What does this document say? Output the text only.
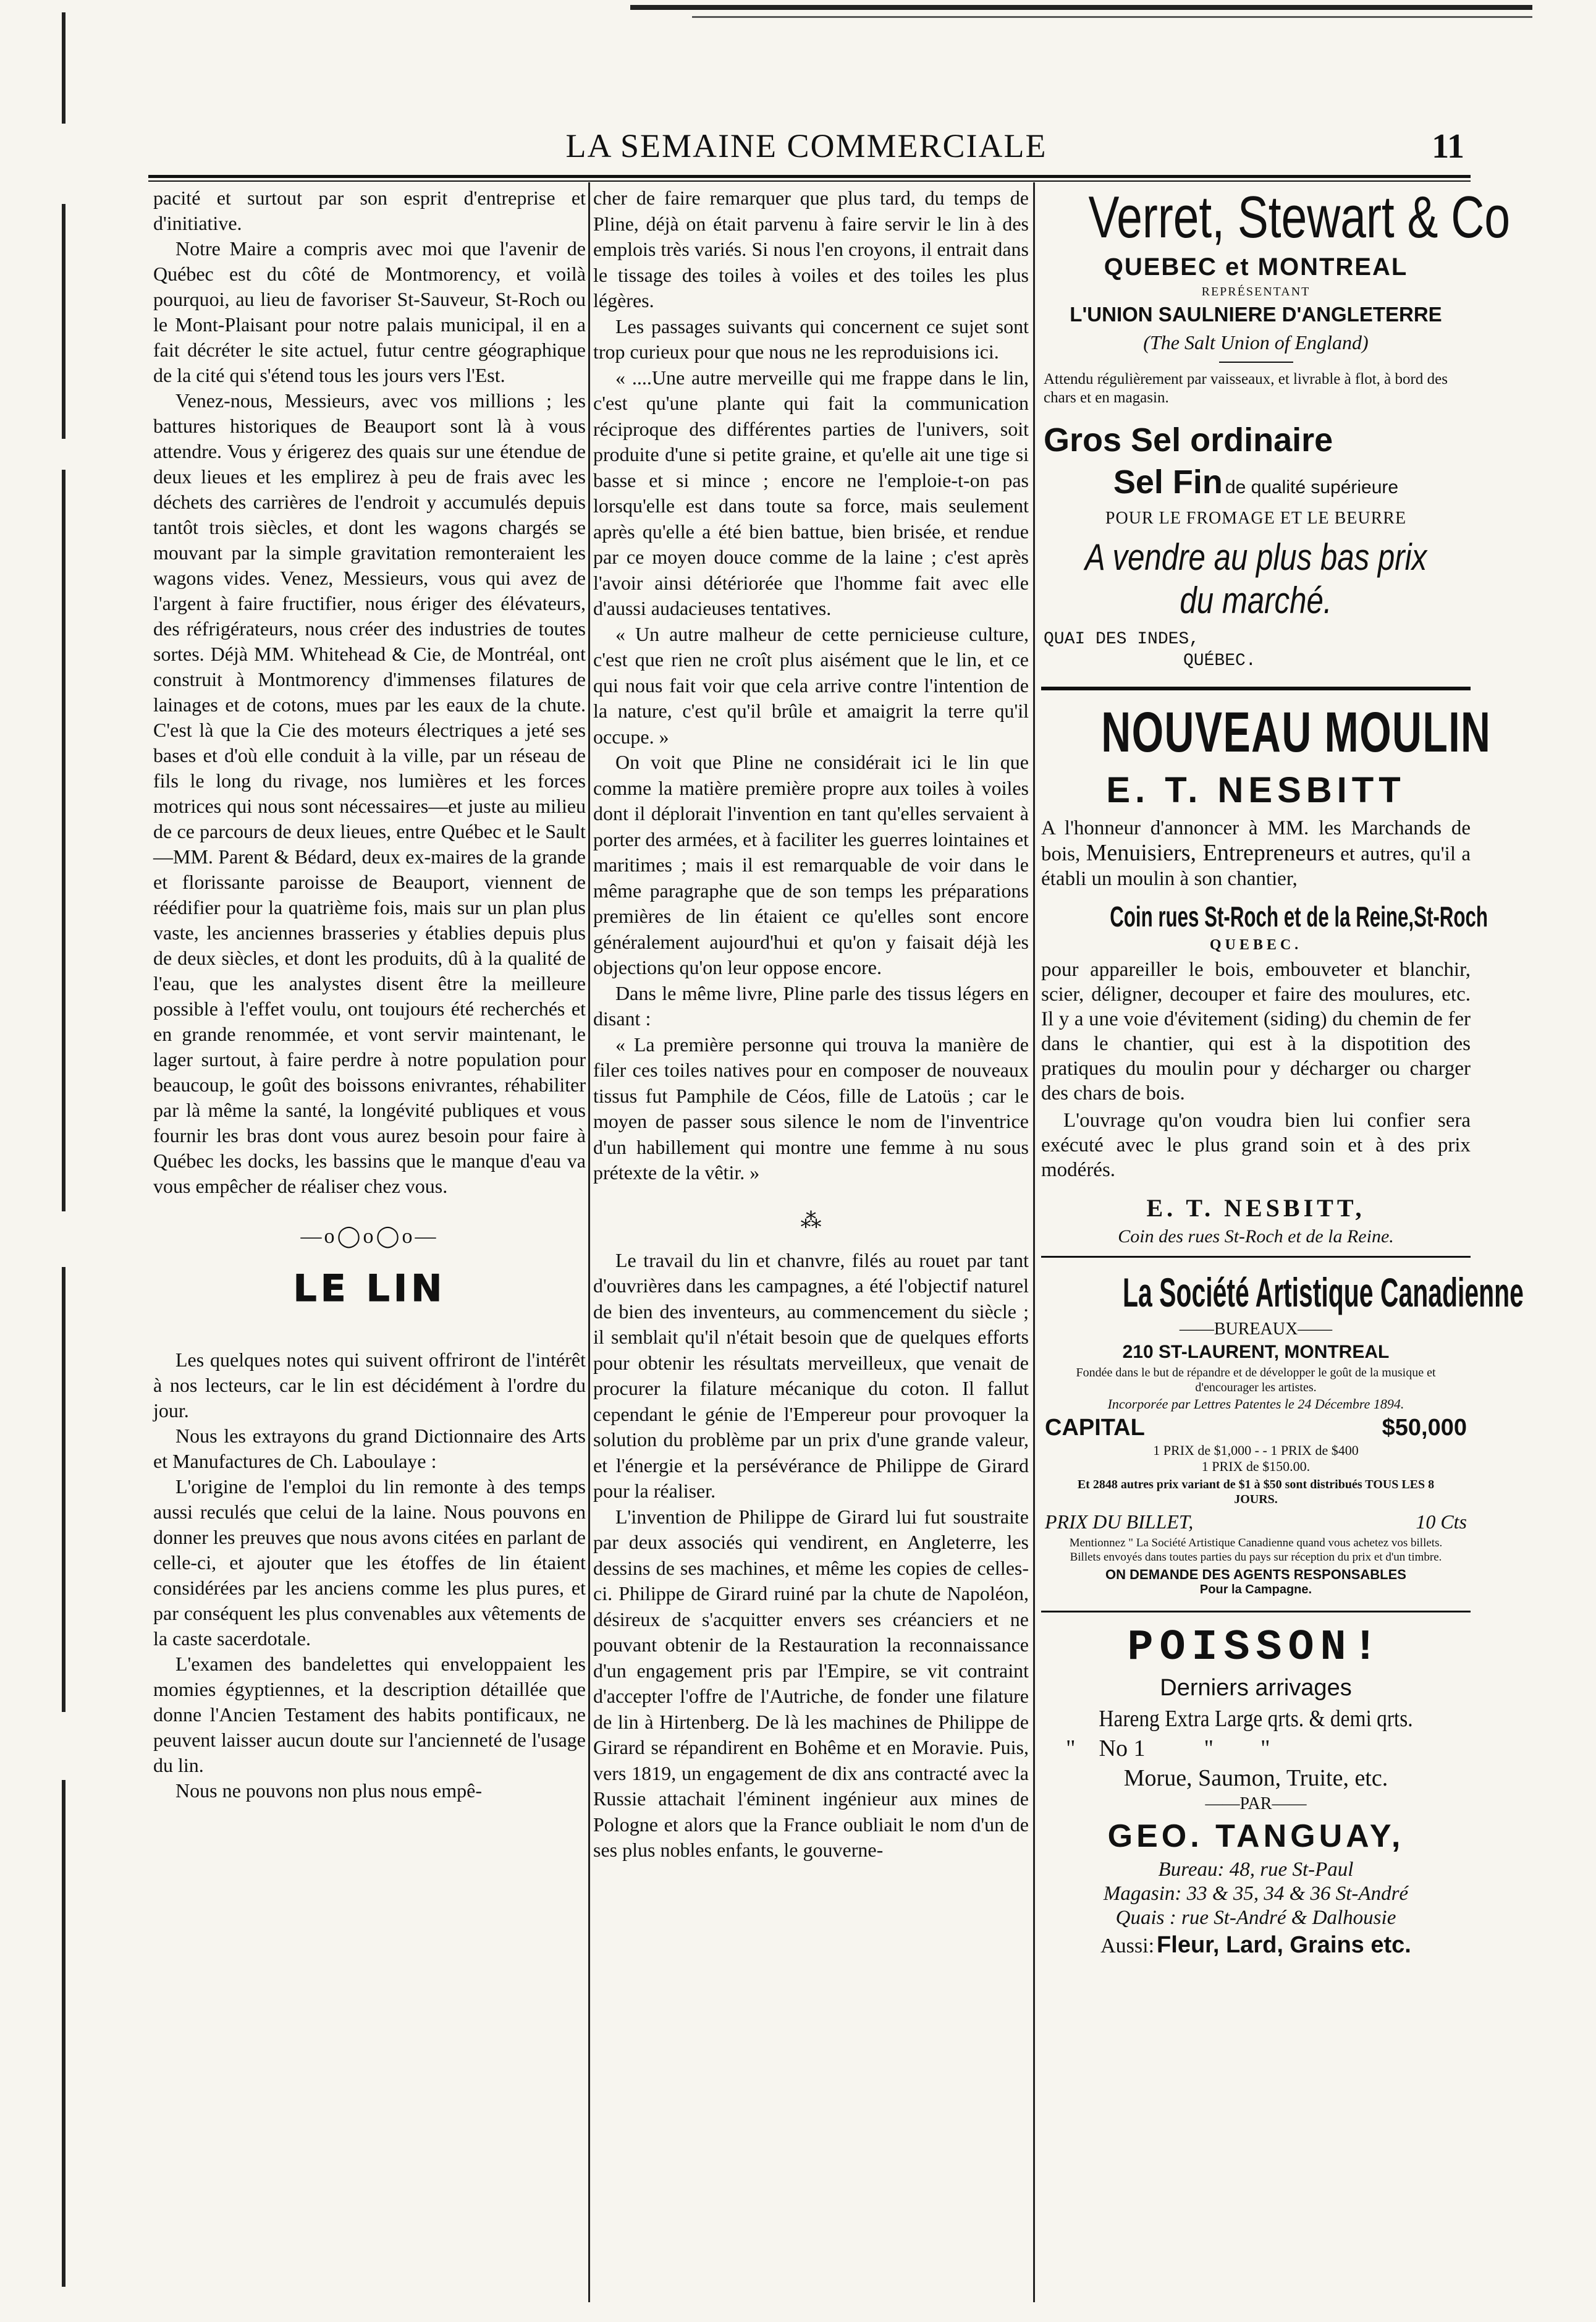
LA SEMAINE COMMERCIALE	11

pacité et surtout par son esprit d'entreprise et d'initiative.

Notre Maire a compris avec moi que l'avenir de Québec est du côté de Montmorency, et voilà pourquoi, au lieu de favoriser St-Sauveur, St-Roch ou le Mont-Plaisant pour notre palais municipal, il en a fait décréter le site actuel, futur centre géographique de la cité qui s'étend tous les jours vers l'Est.

Venez-nous, Messieurs, avec vos millions ; les battures historiques de Beauport sont là à vous attendre. Vous y érigerez des quais sur une étendue de deux lieues et les emplirez à peu de frais avec les déchets des carrières de l'endroit y accumulés depuis tantôt trois siècles, et dont les wagons chargés se mouvant par la simple gravitation remonteraient les wagons vides. Venez, Messieurs, vous qui avez de l'argent à faire fructifier, nous ériger des élévateurs, des réfrigérateurs, nous créer des industries de toutes sortes. Déjà MM. Whitehead & Cie, de Montréal, ont construit à Montmorency d'immenses filatures de lainages et de cotons, mues par les eaux de la chute. C'est là que la Cie des moteurs électriques a jeté ses bases et d'où elle conduit à la ville, par un réseau de fils le long du rivage, nos lumières et les forces motrices qui nous sont nécessaires—et juste au milieu de ce parcours de deux lieues, entre Québec et le Sault—MM. Parent & Bédard, deux ex-maires de la grande et florissante paroisse de Beauport, viennent de réédifier pour la quatrième fois, mais sur un plan plus vaste, les anciennes brasseries y établies depuis plus de deux siècles, et dont les produits, dû à la qualité de l'eau, que les analystes disent être la meilleure possible à l'effet voulu, ont toujours été recherchés et en grande renommée, et vont servir maintenant, le lager surtout, à faire perdre à notre population pour beaucoup, le goût des boissons enivrantes, réhabiliter par là même la santé, la longévité publiques et vous fournir les bras dont vous aurez besoin pour faire à Québec les docks, les bassins que le manque d'eau va vous empêcher de réaliser chez vous.

—o◯o◯o—
LE LIN

Les quelques notes qui suivent offriront de l'intérêt à nos lecteurs, car le lin est décidément à l'ordre du jour.

Nous les extrayons du grand Dictionnaire des Arts et Manufactures de Ch. Laboulaye :

L'origine de l'emploi du lin remonte à des temps aussi reculés que celui de la laine. Nous pouvons en donner les preuves que nous avons citées en parlant de celle-ci, et ajouter que les étoffes de lin étaient considérées par les anciens comme les plus pures, et par conséquent les plus convenables aux vêtements de la caste sacerdotale.

L'examen des bandelettes qui enveloppaient les momies égyptiennes, et la description détaillée que donne l'Ancien Testament des habits pontificaux, ne peuvent laisser aucun doute sur l'ancienneté de l'usage du lin.

Nous ne pouvons non plus nous empê-

cher de faire remarquer que plus tard, du temps de Pline, déjà on était parvenu à faire servir le lin à des emplois très variés. Si nous l'en croyons, il entrait dans le tissage des toiles à voiles et des toiles les plus légères.

Les passages suivants qui concernent ce sujet sont trop curieux pour que nous ne les reproduisions ici.

« ....Une autre merveille qui me frappe dans le lin, c'est qu'une plante qui fait la communication réciproque des différentes parties de l'univers, soit produite d'une si petite graine, et qu'elle ait une tige si basse et si mince ; encore ne l'emploie-t-on pas lorsqu'elle est dans toute sa force, mais seulement après qu'elle a été bien battue, bien brisée, et rendue par ce moyen douce comme de la laine ; c'est après l'avoir ainsi détériorée que l'homme fait avec elle d'aussi audacieuses tentatives.

« Un autre malheur de cette pernicieuse culture, c'est que rien ne croît plus aisément que le lin, et ce qui nous fait voir que cela arrive contre l'intention de la nature, c'est qu'il brûle et amaigrit la terre qu'il occupe. »

On voit que Pline ne considérait ici le lin que comme la matière première propre aux toiles à voiles dont il déplorait l'invention en tant qu'elles servaient à porter des armées, et à faciliter les guerres lointaines et maritimes ; mais il est remarquable de voir dans le même paragraphe que de son temps les préparations premières de lin étaient ce qu'elles sont encore généralement aujourd'hui et qu'on y faisait déjà les objections qu'on leur oppose encore.

Dans le même livre, Pline parle des tissus légers en disant :

« La première personne qui trouva la manière de filer ces toiles natives pour en composer de nouveaux tissus fut Pamphile de Céos, fille de Latoüs ; car le moyen de passer sous silence le nom de l'inventrice d'un habillement qui montre une femme à nu sous prétexte de la vêtir. »

⁂

Le travail du lin et chanvre, filés au rouet par tant d'ouvrières dans les campagnes, a été l'objectif naturel de bien des inventeurs, au commencement du siècle ; il semblait qu'il n'était besoin que de quelques efforts pour obtenir les résultats merveilleux, que venait de procurer la filature mécanique du coton. Il fallut cependant le génie de l'Empereur pour provoquer la solution du problème par un prix d'une grande valeur, et l'énergie et la persévérance de Philippe de Girard pour la réaliser.

L'invention de Philippe de Girard lui fut soustraite par deux associés qui vendirent, en Angleterre, les dessins de ses machines, et même les copies de celles-ci. Philippe de Girard ruiné par la chute de Napoléon, désireux de s'acquitter envers ses créanciers et ne pouvant obtenir de la Restauration la reconnaissance d'un engagement pris par l'Empire, se vit contraint d'accepter l'offre de l'Autriche, de fonder une filature de lin à Hirtenberg. De là les machines de Philippe de Girard se répandirent en Bohême et en Moravie. Puis, vers 1819, un engagement de dix ans contracté avec la Russie attachait l'éminent ingénieur aux mines de Pologne et alors que la France oubliait le nom d'un de ses plus nobles enfants, le gouverne-

Verret, Stewart & Co
QUEBEC et MONTREAL
REPRÉSENTANT
L'UNION SAULNIERE D'ANGLETERRE
(The Salt Union of England)
Attendu régulièrement par vaisseaux, et livrable à flot, à bord des chars et en magasin.
Gros Sel ordinaire
Sel Fin de qualité supérieure
POUR LE FROMAGE ET LE BEURRE
A vendre au plus bas prix du marché.
QUAI DES INDES,
QUÉBEC.
NOUVEAU MOULIN
E. T. NESBITT

A l'honneur d'annoncer à MM. les Marchands de bois, Menuisiers, Entrepreneurs et autres, qu'il a établi un moulin à son chantier,

Coin rues St-Roch et de la Reine,St-Roch
QUEBEC.

pour appareiller le bois, embouveter et blanchir, scier, déligner, decouper et faire des moulures, etc. Il y a une voie d'évitement (siding) du chemin de fer dans le chantier, qui est à la dispotition des pratiques du moulin pour y décharger ou charger des chars de bois.

L'ouvrage qu'on voudra bien lui confier sera exécuté avec le plus grand soin et à des prix modérés.

E. T. NESBITT,
Coin des rues St-Roch et de la Reine.
La Société Artistique Canadienne
——BUREAUX——
210 ST-LAURENT, MONTREAL
Fondée dans le but de répandre et de développer le goût de la musique et d'encourager les artistes.
Incorporée par Lettres Patentes le 24 Décembre 1894.
CAPITAL	$50,000
1 PRIX de $1,000 - - 1 PRIX de $400
1 PRIX de $150.00.
Et 2848 autres prix variant de $1 à $50 sont distribués TOUS LES 8 JOURS.
PRIX DU BILLET,	10 Cts
Mentionnez " La Société Artistique Canadienne quand vous achetez vos billets. Billets envoyés dans toutes parties du pays sur réception du prix et d'un timbre.
ON DEMANDE DES AGENTS RESPONSABLES
Pour la Campagne.
POISSON!
Derniers arrivages
Hareng Extra Large qrts. & demi qrts.
"    No 1          "        "
Morue, Saumon, Truite, etc.
——PAR——
GEO. TANGUAY,
Bureau: 48, rue St-Paul
Magasin: 33 & 35, 34 & 36 St-André
Quais : rue St-André & Dalhousie
Aussi: Fleur, Lard, Grains etc.
